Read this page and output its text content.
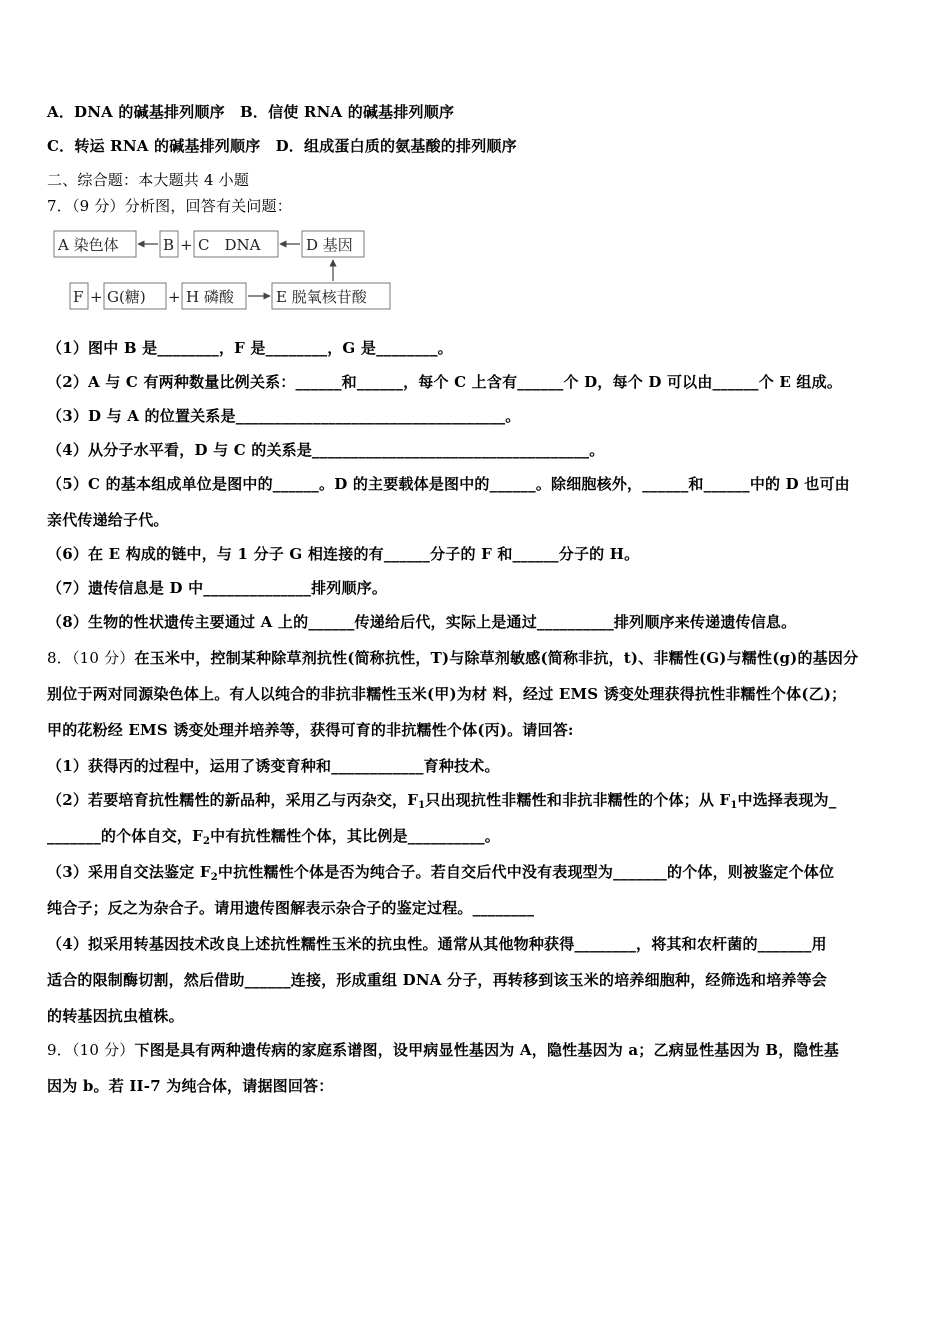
A．DNA 的碱基排列顺序　B．信使 RNA 的碱基排列顺序
C．转运 RNA 的碱基排列顺序　D．组成蛋白质的氨基酸的排列顺序
二、综合题：本大题共 4 小题
7．（9 分）分析图，回答有关问题：
A 染色体	B + C　DNA	D 基因
F + G(糖) + H 磷酸	E 脱氧核苷酸
（1）图中 B 是________，F 是________，G 是________。
（2）A 与 C 有两种数量比例关系：______和______，每个 C 上含有______个 D，每个 D 可以由______个 E 组成。
（3）D 与 A 的位置关系是___________________________________。
（4）从分子水平看，D 与 C 的关系是____________________________________。
（5）C 的基本组成单位是图中的______。D 的主要载体是图中的______。除细胞核外，______和______中的 D 也可由
亲代传递给子代。
（6）在 E 构成的链中，与 1 分子 G 相连接的有______分子的 F 和______分子的 H。
（7）遗传信息是 D 中______________排列顺序。
（8）生物的性状遗传主要通过 A 上的______传递给后代，实际上是通过__________排列顺序来传递遗传信息。
8．（10 分）在玉米中，控制某种除草剂抗性(简称抗性，T)与除草剂敏感(简称非抗，t)、非糯性(G)与糯性(g)的基因分
别位于两对同源染色体上。有人以纯合的非抗非糯性玉米(甲)为材 料，经过 EMS 诱变处理获得抗性非糯性个体(乙)；
甲的花粉经 EMS 诱变处理并培养等，获得可育的非抗糯性个体(丙)。请回答:
（1）获得丙的过程中，运用了诱变育种和____________育种技术。
（2）若要培育抗性糯性的新品种，采用乙与丙杂交，$F_1$只出现抗性非糯性和非抗非糯性的个体；从 $F_1$中选择表现为_
_______的个体自交，$F_2$中有抗性糯性个体，其比例是__________。
（3）采用自交法鉴定 $F_2$中抗性糯性个体是否为纯合子。若自交后代中没有表现型为_______的个体，则被鉴定个体位
纯合子；反之为杂合子。请用遗传图解表示杂合子的鉴定过程。________
（4）拟采用转基因技术改良上述抗性糯性玉米的抗虫性。通常从其他物种获得________，将其和农杆菌的_______用
适合的限制酶切割，然后借助______连接，形成重组 DNA 分子，再转移到该玉米的培养细胞种，经筛选和培养等会
的转基因抗虫植株。
9．（10 分）下图是具有两种遗传病的家庭系谱图，设甲病显性基因为 A，隐性基因为 a；乙病显性基因为 B，隐性基
因为 b。若 II-7 为纯合体，请据图回答：
